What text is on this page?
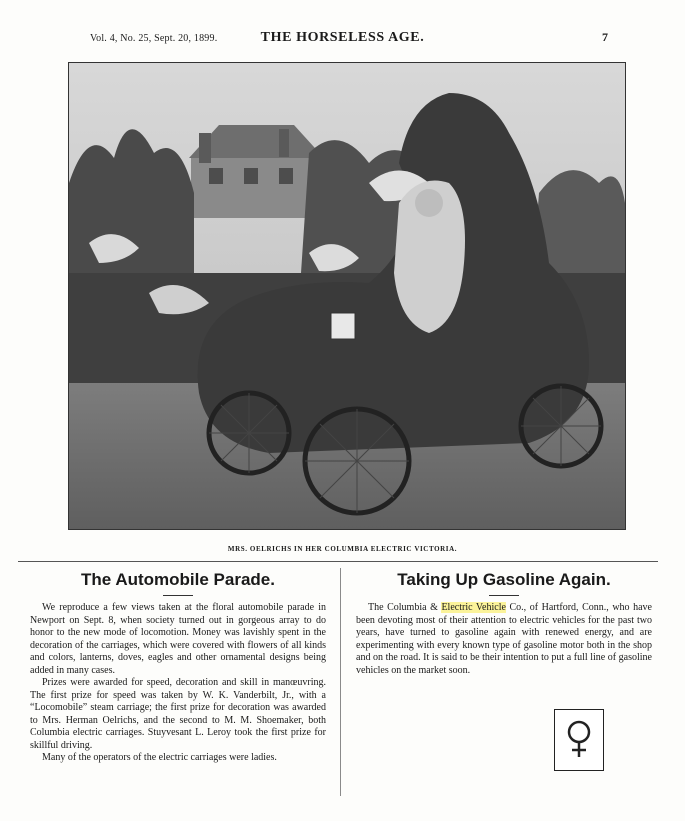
Vol. 4, No. 25, Sept. 20, 1899.	THE HORSELESS AGE.	7
MRS. OELRICHS IN HER COLUMBIA ELECTRIC VICTORIA.
The Automobile Parade.

We reproduce a few views taken at the floral automobile parade in Newport on Sept. 8, when society turned out in gorgeous array to do honor to the new mode of locomotion. Money was lavishly spent in the decoration of the carriages, which were covered with flowers of all kinds and colors, lanterns, doves, eagles and other ornamental designs being added in many cases.

Prizes were awarded for speed, decoration and skill in manœuvring. The first prize for speed was taken by W. K. Vanderbilt, Jr., with a “Locomobile” steam carriage; the first prize for decoration was awarded to Mrs. Herman Oelrichs, and the second to M. M. Shoemaker, both Columbia electric carriages. Stuyvesant L. Leroy took the first prize for skillful driving.

Many of the operators of the electric carriages were ladies.

Taking Up Gasoline Again.

The Columbia & Electric Vehicle Co., of Hartford, Conn., who have been devoting most of their attention to electric vehicles for the past two years, have turned to gasoline again with renewed energy, and are experimenting with every known type of gasoline motor both in the shop and on the road. It is said to be their intention to put a full line of gasoline vehicles on the market soon.
